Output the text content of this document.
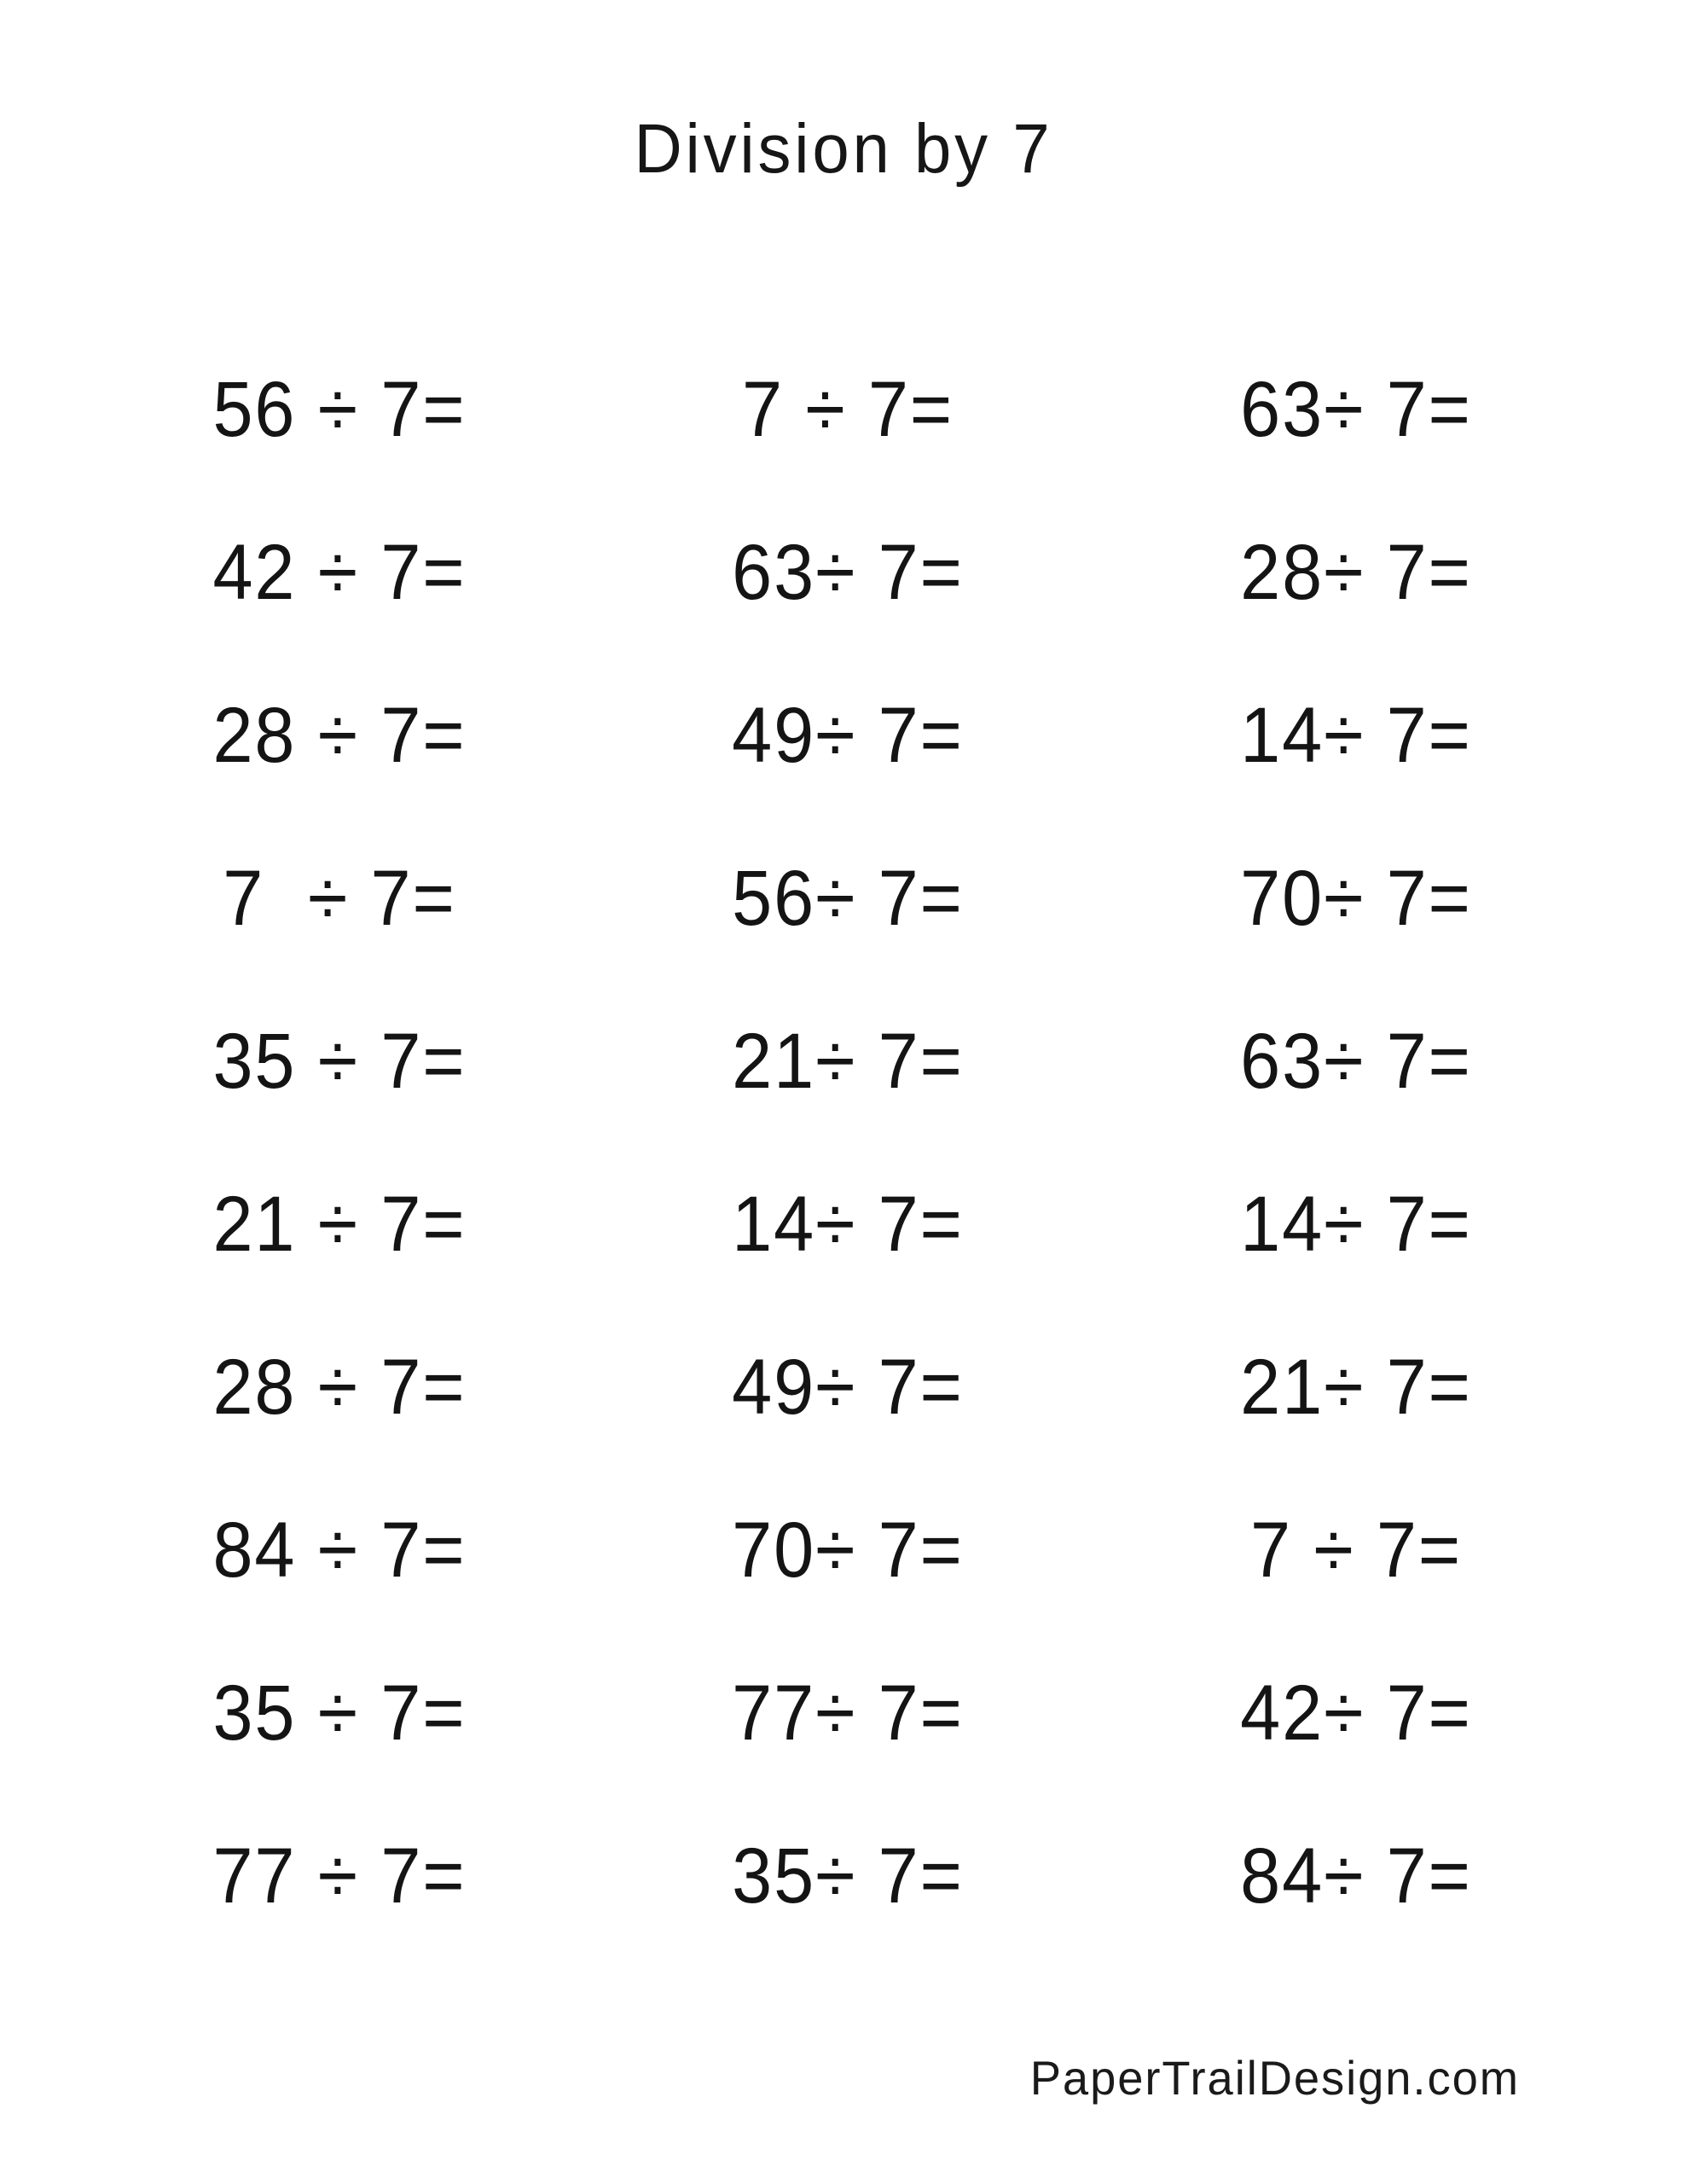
Division by 7
56 ÷ 7=	7 ÷ 7=	63÷ 7=
42 ÷ 7=	63÷ 7=	28÷ 7=
28 ÷ 7=	49÷ 7=	14÷ 7=
7  ÷ 7=	56÷ 7=	70÷ 7=
35 ÷ 7=	21÷ 7=	63÷ 7=
21 ÷ 7=	14÷ 7=	14÷ 7=
28 ÷ 7=	49÷ 7=	21÷ 7=
84 ÷ 7=	70÷ 7=	7 ÷ 7=
35 ÷ 7=	77÷ 7=	42÷ 7=
77 ÷ 7=	35÷ 7=	84÷ 7=
PaperTrailDesign.com
